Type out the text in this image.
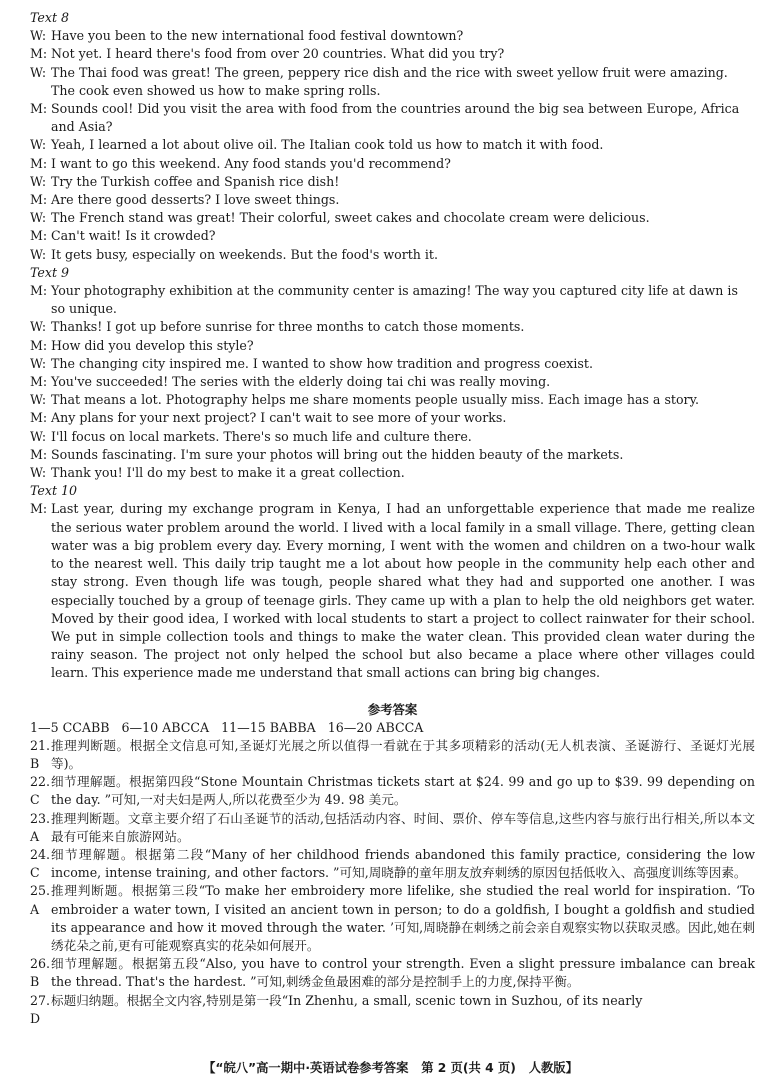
Text 8
W: Have you been to the new international food festival downtown?
M: Not yet. I heard there's food from over 20 countries. What did you try?
W: The Thai food was great! The green, peppery rice dish and the rice with sweet yellow fruit were amazing. The cook even showed us how to make spring rolls.
M: Sounds cool! Did you visit the area with food from the countries around the big sea between Europe, Africa and Asia?
W: Yeah, I learned a lot about olive oil. The Italian cook told us how to match it with food.
M: I want to go this weekend. Any food stands you'd recommend?
W: Try the Turkish coffee and Spanish rice dish!
M: Are there good desserts? I love sweet things.
W: The French stand was great! Their colorful, sweet cakes and chocolate cream were delicious.
M: Can't wait! Is it crowded?
W: It gets busy, especially on weekends. But the food's worth it.
Text 9
M: Your photography exhibition at the community center is amazing! The way you captured city life at dawn is so unique.
W: Thanks! I got up before sunrise for three months to catch those moments.
M: How did you develop this style?
W: The changing city inspired me. I wanted to show how tradition and progress coexist.
M: You've succeeded! The series with the elderly doing tai chi was really moving.
W: That means a lot. Photography helps me share moments people usually miss. Each image has a story.
M: Any plans for your next project? I can't wait to see more of your works.
W: I'll focus on local markets. There's so much life and culture there.
M: Sounds fascinating. I'm sure your photos will bring out the hidden beauty of the markets.
W: Thank you! I'll do my best to make it a great collection.
Text 10
M: Last year, during my exchange program in Kenya, I had an unforgettable experience that made me realize the serious water problem around the world. I lived with a local family in a small village. There, getting clean water was a big problem every day. Every morning, I went with the women and children on a two-hour walk to the nearest well. This daily trip taught me a lot about how people in the community help each other and stay strong. Even though life was tough, people shared what they had and supported one another. I was especially touched by a group of teenage girls. They came up with a plan to help the old neighbors get water. Moved by their good idea, I worked with local students to start a project to collect rainwater for their school. We put in simple collection tools and things to make the water clean. This provided clean water during the rainy season. The project not only helped the school but also became a place where other villages could learn. This experience made me understand that small actions can bring big changes.
参考答案
1—5 CCABB   6—10 ABCCA   11—15 BABBA   16—20 ABCCA
21. B
推理判断题。根据全文信息可知,圣诞灯光展之所以值得一看就在于其多项精彩的活动(无人机表演、圣诞游行、圣诞灯光展等)。
22. C
细节理解题。根据第四段“Stone Mountain Christmas tickets start at $24. 99 and go up to $39. 99 depending on the day. ”可知,一对夫妇是两人,所以花费至少为 49. 98 美元。
23. A
推理判断题。文章主要介绍了石山圣诞节的活动,包括活动内容、时间、票价、停车等信息,这些内容与旅行出行相关,所以本文最有可能来自旅游网站。
24. C
细节理解题。根据第二段“Many of her childhood friends abandoned this family practice, considering the low income, intense training, and other factors. ”可知,周晓静的童年朋友放弃刺绣的原因包括低收入、高强度训练等因素。
25. A
推理判断题。根据第三段“To make her embroidery more lifelike, she studied the real world for inspiration. ‘To embroider a water town, I visited an ancient town in person; to do a goldfish, I bought a goldfish and studied its appearance and how it moved through the water. ’可知,周晓静在刺绣之前会亲自观察实物以获取灵感。因此,她在刺绣花朵之前,更有可能观察真实的花朵如何展开。
26. B
细节理解题。根据第五段“Also, you have to control your strength. Even a slight pressure imbalance can break the thread. That's the hardest. ”可知,刺绣金鱼最困难的部分是控制手上的力度,保持平衡。
27. D
标题归纳题。根据全文内容,特别是第一段“In Zhenhu, a small, scenic town in Suzhou, of its nearly
【“皖八”高一期中·英语试卷参考答案   第 2 页(共 4 页)   人教版】
